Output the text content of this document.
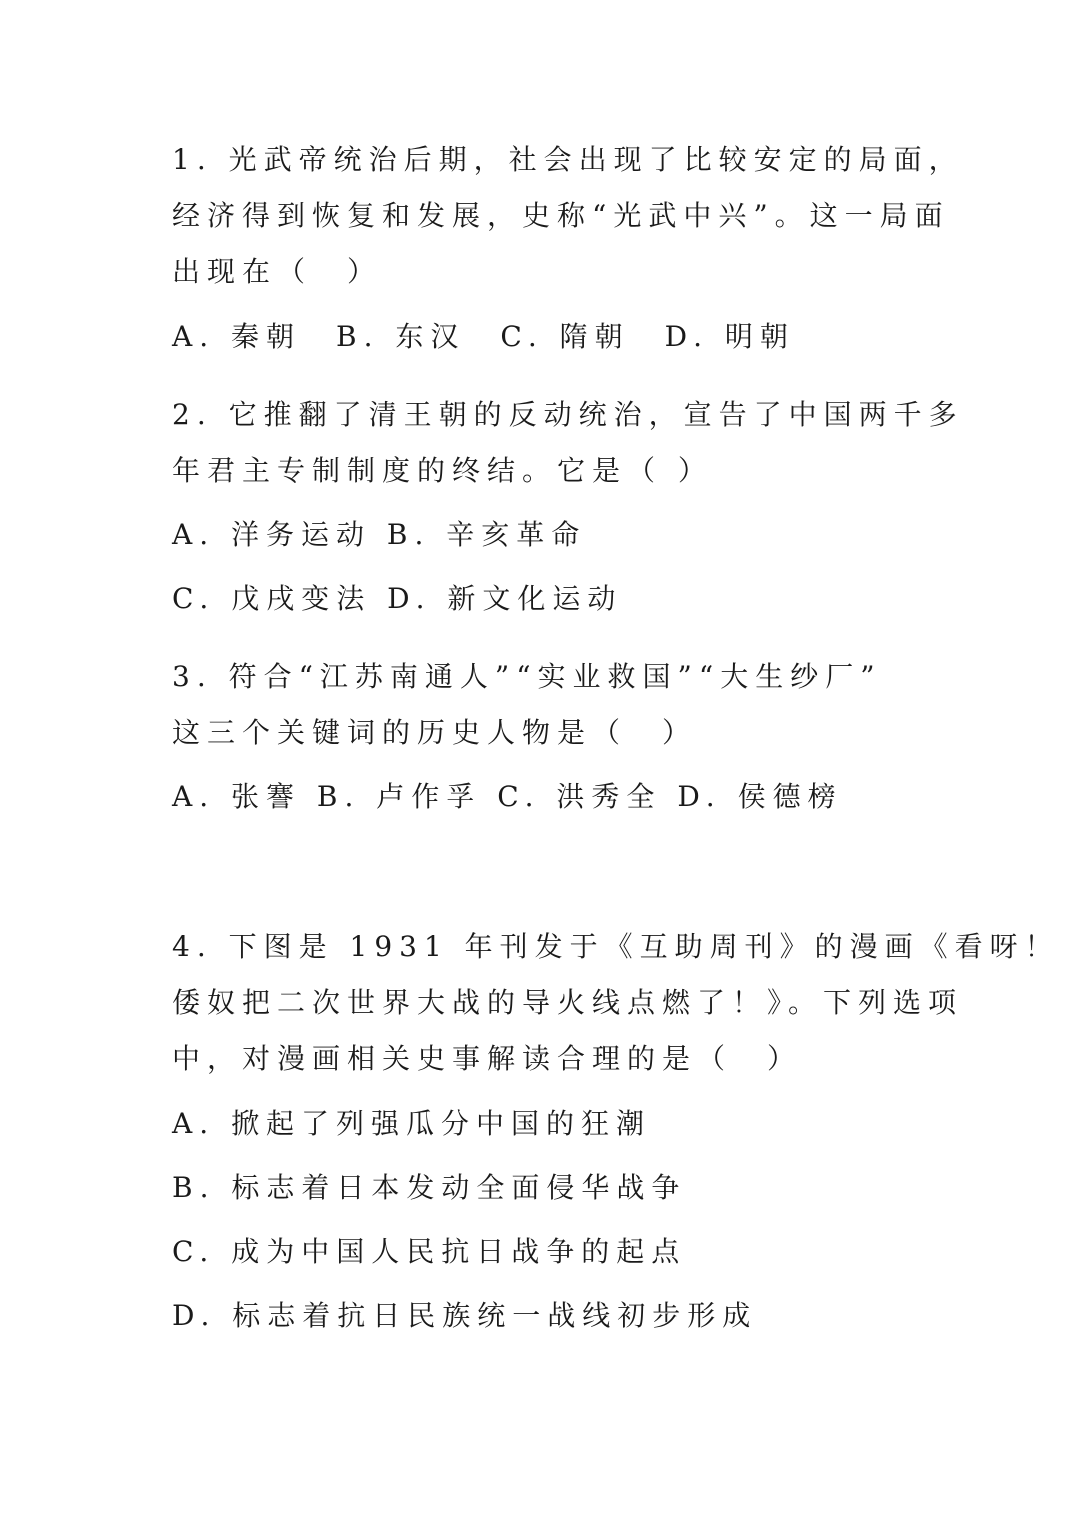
1. 光武帝统治后期，社会出现了比较安定的局面，
经济得到恢复和发展，史称“光武中兴”。这一局面
出现在（　）
A. 秦朝　B. 东汉　C. 隋朝　D. 明朝
2. 它推翻了清王朝的反动统治，宣告了中国两千多
年君主专制制度的终结。它是（ ）
A. 洋务运动 B. 辛亥革命
C. 戊戌变法 D. 新文化运动
3. 符合“江苏南通人”“实业救国”“大生纱厂”
这三个关键词的历史人物是（　）
A. 张謇 B. 卢作孚 C. 洪秀全 D. 侯德榜
4. 下图是 1931 年刊发于《互助周刊》的漫画《看呀！
倭奴把二次世界大战的导火线点燃了！》。下列选项
中，对漫画相关史事解读合理的是（　）
A. 掀起了列强瓜分中国的狂潮
B. 标志着日本发动全面侵华战争
C. 成为中国人民抗日战争的起点
D. 标志着抗日民族统一战线初步形成
